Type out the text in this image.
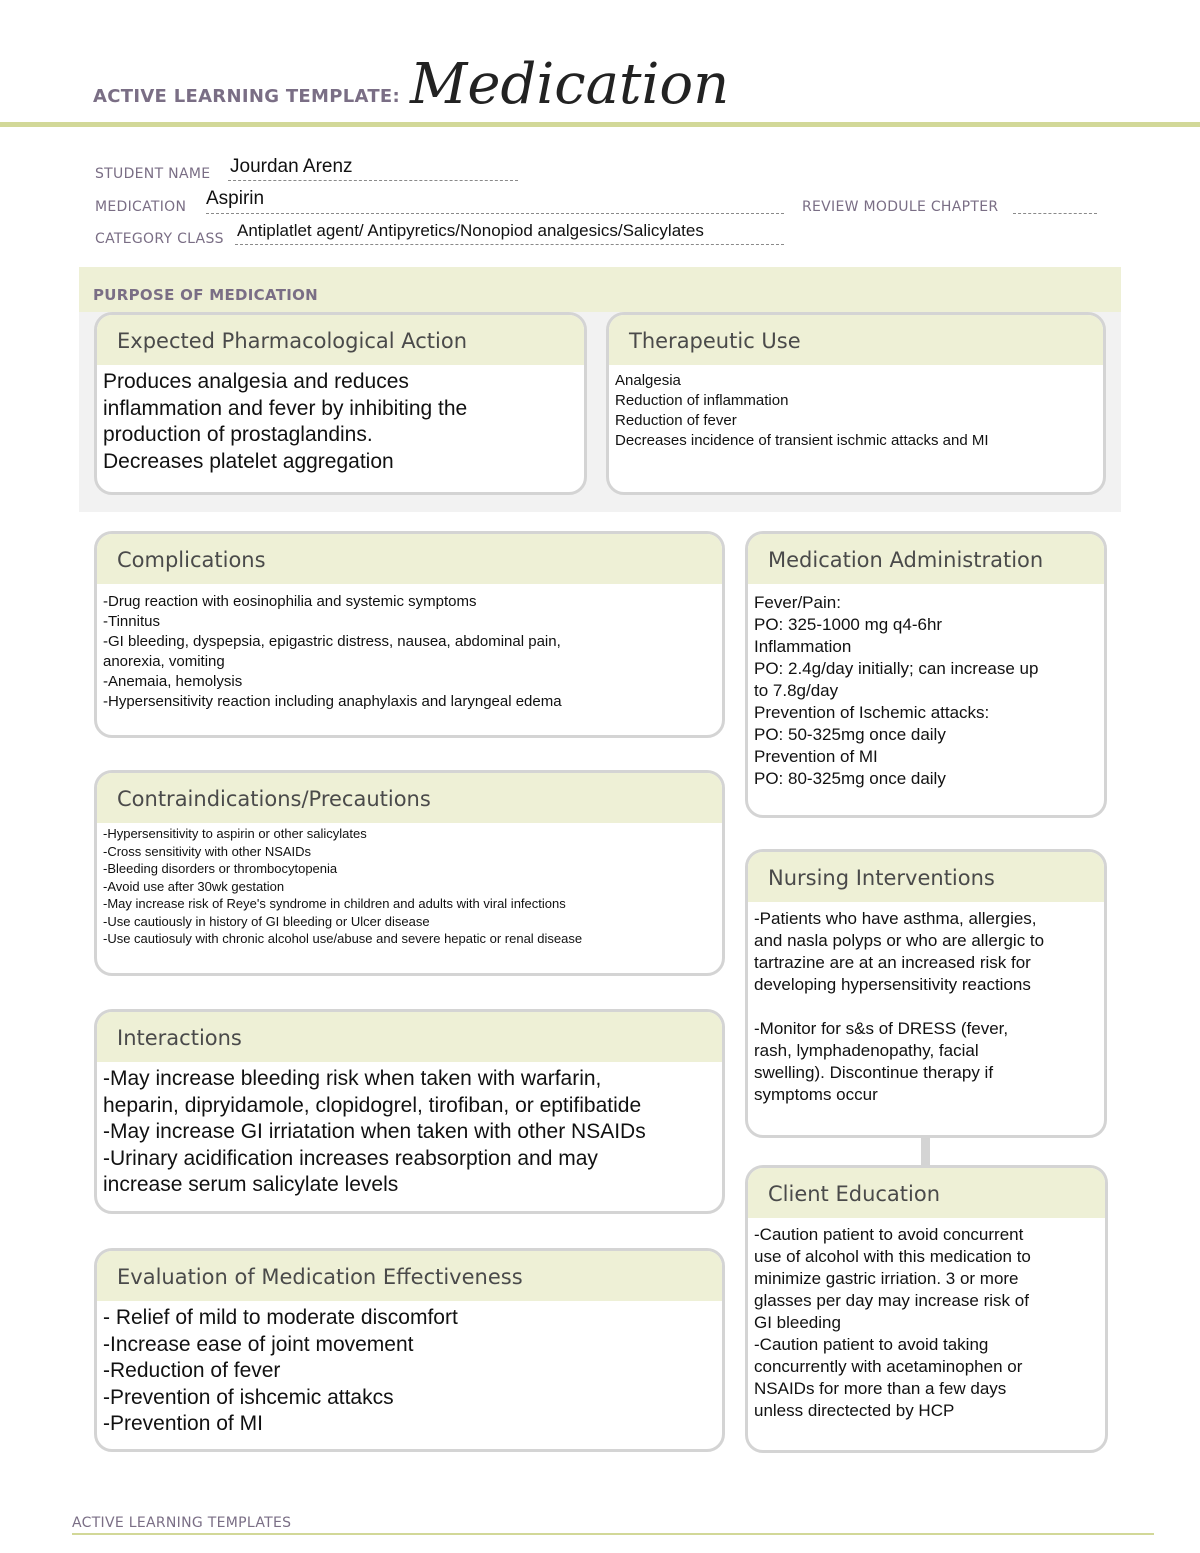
ACTIVE LEARNING TEMPLATE: Medication
STUDENT NAME Jourdan Arenz
MEDICATION Aspirin	REVIEW MODULE CHAPTER
CATEGORY CLASS Antiplatlet agent/ Antipyretics/Nonopiod analgesics/Salicylates
PURPOSE OF MEDICATION
Expected Pharmacological Action

Produces analgesia and reduces

inflammation and fever by inhibiting the

production of prostaglandins.

Decreases platelet aggregation

Therapeutic Use

Analgesia

Reduction of inflammation

Reduction of fever

Decreases incidence of transient ischmic attacks and MI

Complications

-Drug reaction with eosinophilia and systemic symptoms

-Tinnitus

-GI bleeding, dyspepsia, epigastric distress, nausea, abdominal pain,

anorexia, vomiting

-Anemaia, hemolysis

-Hypersensitivity reaction including anaphylaxis and laryngeal edema

Contraindications/Precautions

-Hypersensitivity to aspirin or other salicylates

-Cross sensitivity with other NSAIDs

-Bleeding disorders or thrombocytopenia

-Avoid use after 30wk gestation

-May increase risk of Reye's syndrome in children and adults with viral infections

-Use cautiously in history of GI bleeding or Ulcer disease

-Use cautiosuly with chronic alcohol use/abuse and severe hepatic or renal disease

Interactions

-May increase bleeding risk when taken with warfarin,

heparin, dipryidamole, clopidogrel, tirofiban, or eptifibatide

-May increase GI irriatation when taken with other NSAIDs

-Urinary acidification increases reabsorption and may

increase serum salicylate levels

Evaluation of Medication Effectiveness

- Relief of mild to moderate discomfort

-Increase ease of joint movement

-Reduction of fever

-Prevention of ishcemic attakcs

-Prevention of MI

Medication Administration

Fever/Pain:

PO: 325-1000 mg q4-6hr

Inflammation

PO: 2.4g/day initially; can increase up

to 7.8g/day

Prevention of Ischemic attacks:

PO: 50-325mg once daily

Prevention of MI

PO: 80-325mg once daily

Nursing Interventions

-Patients who have asthma, allergies,

and nasla polyps or who are allergic to

tartrazine are at an increased risk for

developing hypersensitivity reactions

-Monitor for s&s of DRESS (fever,

rash, lymphadenopathy, facial

swelling). Discontinue therapy if

symptoms occur

Client Education

-Caution patient to avoid concurrent

use of alcohol with this medication to

minimize gastric irriation. 3 or more

glasses per day may increase risk of

GI bleeding

-Caution patient to avoid taking

concurrently with acetaminophen or

NSAIDs for more than a few days

unless directected by HCP

ACTIVE LEARNING TEMPLATES
